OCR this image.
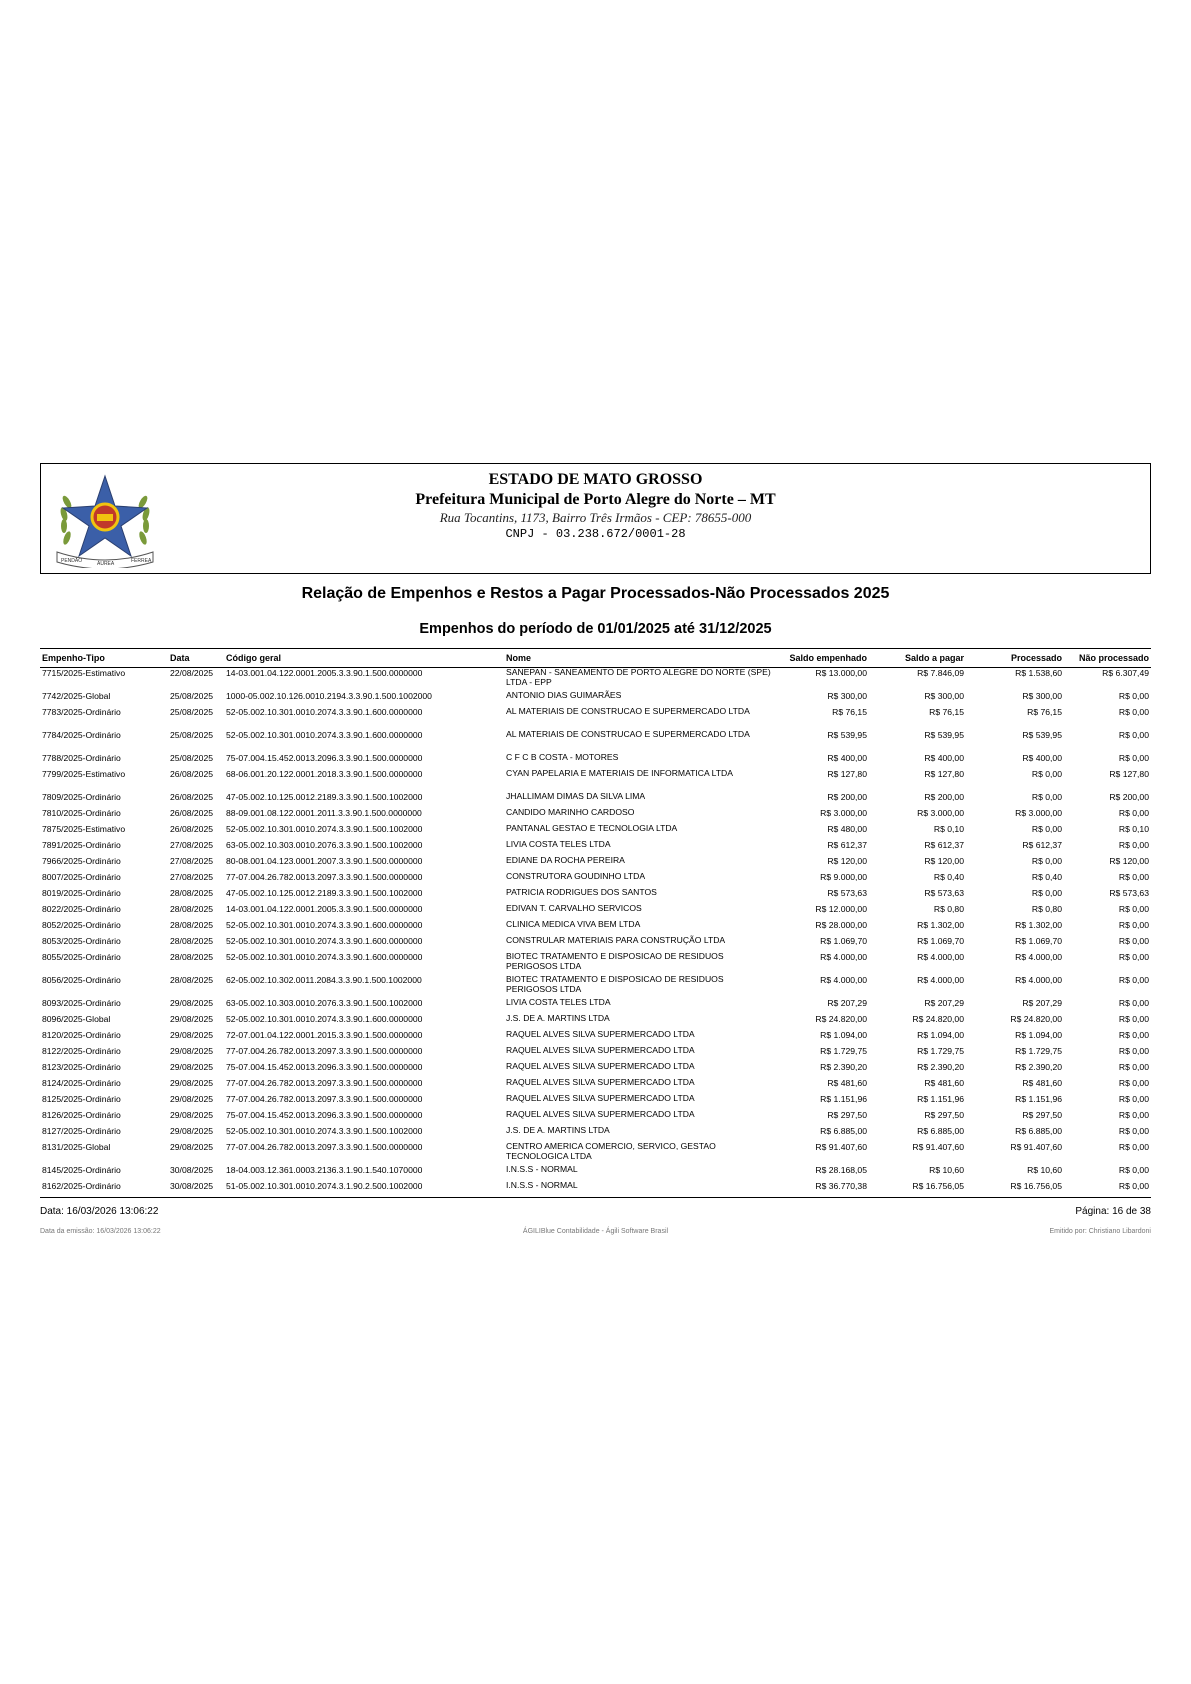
PENDÃO	ÁUREA	FERREA
ESTADO DE MATO GROSSO
Prefeitura Municipal de Porto Alegre do Norte – MT
Rua Tocantins, 1173, Bairro Três Irmãos - CEP: 78655-000
CNPJ - 03.238.672/0001-28
Relação de Empenhos e Restos a Pagar Processados-Não Processados 2025
Empenhos do período de 01/01/2025 até 31/12/2025
Empenho-Tipo	Data	Código geral	Nome	Saldo empenhado	Saldo a pagar	Processado	Não processado
7715/2025-Estimativo	22/08/2025	14-03.001.04.122.0001.2005.3.3.90.1.500.0000000	SANEPAN - SANEAMENTO DE PORTO ALEGRE DO NORTE (SPE) LTDA - EPP	R$ 13.000,00	R$ 7.846,09	R$ 1.538,60	R$ 6.307,49
7742/2025-Global	25/08/2025	1000-05.002.10.126.0010.2194.3.3.90.1.500.1002000	ANTONIO DIAS GUIMARÃES	R$ 300,00	R$ 300,00	R$ 300,00	R$ 0,00
7783/2025-Ordinário	25/08/2025	52-05.002.10.301.0010.2074.3.3.90.1.600.0000000	AL MATERIAIS DE CONSTRUCAO E SUPERMERCADO LTDA	R$ 76,15	R$ 76,15	R$ 76,15	R$ 0,00
7784/2025-Ordinário	25/08/2025	52-05.002.10.301.0010.2074.3.3.90.1.600.0000000	AL MATERIAIS DE CONSTRUCAO E SUPERMERCADO LTDA	R$ 539,95	R$ 539,95	R$ 539,95	R$ 0,00
7788/2025-Ordinário	25/08/2025	75-07.004.15.452.0013.2096.3.3.90.1.500.0000000	C F C B COSTA - MOTORES	R$ 400,00	R$ 400,00	R$ 400,00	R$ 0,00
7799/2025-Estimativo	26/08/2025	68-06.001.20.122.0001.2018.3.3.90.1.500.0000000	CYAN PAPELARIA E MATERIAIS DE INFORMATICA LTDA	R$ 127,80	R$ 127,80	R$ 0,00	R$ 127,80
7809/2025-Ordinário	26/08/2025	47-05.002.10.125.0012.2189.3.3.90.1.500.1002000	JHALLIMAM DIMAS DA SILVA LIMA	R$ 200,00	R$ 200,00	R$ 0,00	R$ 200,00
7810/2025-Ordinário	26/08/2025	88-09.001.08.122.0001.2011.3.3.90.1.500.0000000	CANDIDO MARINHO CARDOSO	R$ 3.000,00	R$ 3.000,00	R$ 3.000,00	R$ 0,00
7875/2025-Estimativo	26/08/2025	52-05.002.10.301.0010.2074.3.3.90.1.500.1002000	PANTANAL GESTAO E TECNOLOGIA LTDA	R$ 480,00	R$ 0,10	R$ 0,00	R$ 0,10
7891/2025-Ordinário	27/08/2025	63-05.002.10.303.0010.2076.3.3.90.1.500.1002000	LIVIA COSTA TELES LTDA	R$ 612,37	R$ 612,37	R$ 612,37	R$ 0,00
7966/2025-Ordinário	27/08/2025	80-08.001.04.123.0001.2007.3.3.90.1.500.0000000	EDIANE DA ROCHA PEREIRA	R$ 120,00	R$ 120,00	R$ 0,00	R$ 120,00
8007/2025-Ordinário	27/08/2025	77-07.004.26.782.0013.2097.3.3.90.1.500.0000000	CONSTRUTORA GOUDINHO LTDA	R$ 9.000,00	R$ 0,40	R$ 0,40	R$ 0,00
8019/2025-Ordinário	28/08/2025	47-05.002.10.125.0012.2189.3.3.90.1.500.1002000	PATRICIA RODRIGUES DOS SANTOS	R$ 573,63	R$ 573,63	R$ 0,00	R$ 573,63
8022/2025-Ordinário	28/08/2025	14-03.001.04.122.0001.2005.3.3.90.1.500.0000000	EDIVAN T. CARVALHO SERVICOS	R$ 12.000,00	R$ 0,80	R$ 0,80	R$ 0,00
8052/2025-Ordinário	28/08/2025	52-05.002.10.301.0010.2074.3.3.90.1.600.0000000	CLINICA MEDICA VIVA BEM LTDA	R$ 28.000,00	R$ 1.302,00	R$ 1.302,00	R$ 0,00
8053/2025-Ordinário	28/08/2025	52-05.002.10.301.0010.2074.3.3.90.1.600.0000000	CONSTRULAR MATERIAIS PARA CONSTRUÇÃO LTDA	R$ 1.069,70	R$ 1.069,70	R$ 1.069,70	R$ 0,00
8055/2025-Ordinário	28/08/2025	52-05.002.10.301.0010.2074.3.3.90.1.600.0000000	BIOTEC TRATAMENTO E DISPOSICAO DE RESIDUOS PERIGOSOS LTDA	R$ 4.000,00	R$ 4.000,00	R$ 4.000,00	R$ 0,00
8056/2025-Ordinário	28/08/2025	62-05.002.10.302.0011.2084.3.3.90.1.500.1002000	BIOTEC TRATAMENTO E DISPOSICAO DE RESIDUOS PERIGOSOS LTDA	R$ 4.000,00	R$ 4.000,00	R$ 4.000,00	R$ 0,00
8093/2025-Ordinário	29/08/2025	63-05.002.10.303.0010.2076.3.3.90.1.500.1002000	LIVIA COSTA TELES LTDA	R$ 207,29	R$ 207,29	R$ 207,29	R$ 0,00
8096/2025-Global	29/08/2025	52-05.002.10.301.0010.2074.3.3.90.1.600.0000000	J.S. DE A. MARTINS LTDA	R$ 24.820,00	R$ 24.820,00	R$ 24.820,00	R$ 0,00
8120/2025-Ordinário	29/08/2025	72-07.001.04.122.0001.2015.3.3.90.1.500.0000000	RAQUEL ALVES SILVA SUPERMERCADO LTDA	R$ 1.094,00	R$ 1.094,00	R$ 1.094,00	R$ 0,00
8122/2025-Ordinário	29/08/2025	77-07.004.26.782.0013.2097.3.3.90.1.500.0000000	RAQUEL ALVES SILVA SUPERMERCADO LTDA	R$ 1.729,75	R$ 1.729,75	R$ 1.729,75	R$ 0,00
8123/2025-Ordinário	29/08/2025	75-07.004.15.452.0013.2096.3.3.90.1.500.0000000	RAQUEL ALVES SILVA SUPERMERCADO LTDA	R$ 2.390,20	R$ 2.390,20	R$ 2.390,20	R$ 0,00
8124/2025-Ordinário	29/08/2025	77-07.004.26.782.0013.2097.3.3.90.1.500.0000000	RAQUEL ALVES SILVA SUPERMERCADO LTDA	R$ 481,60	R$ 481,60	R$ 481,60	R$ 0,00
8125/2025-Ordinário	29/08/2025	77-07.004.26.782.0013.2097.3.3.90.1.500.0000000	RAQUEL ALVES SILVA SUPERMERCADO LTDA	R$ 1.151,96	R$ 1.151,96	R$ 1.151,96	R$ 0,00
8126/2025-Ordinário	29/08/2025	75-07.004.15.452.0013.2096.3.3.90.1.500.0000000	RAQUEL ALVES SILVA SUPERMERCADO LTDA	R$ 297,50	R$ 297,50	R$ 297,50	R$ 0,00
8127/2025-Ordinário	29/08/2025	52-05.002.10.301.0010.2074.3.3.90.1.500.1002000	J.S. DE A. MARTINS LTDA	R$ 6.885,00	R$ 6.885,00	R$ 6.885,00	R$ 0,00
8131/2025-Global	29/08/2025	77-07.004.26.782.0013.2097.3.3.90.1.500.0000000	CENTRO AMERICA COMERCIO, SERVICO, GESTAO TECNOLOGICA LTDA	R$ 91.407,60	R$ 91.407,60	R$ 91.407,60	R$ 0,00
8145/2025-Ordinário	30/08/2025	18-04.003.12.361.0003.2136.3.1.90.1.540.1070000	I.N.S.S - NORMAL	R$ 28.168,05	R$ 10,60	R$ 10,60	R$ 0,00
8162/2025-Ordinário	30/08/2025	51-05.002.10.301.0010.2074.3.1.90.2.500.1002000	I.N.S.S - NORMAL	R$ 36.770,38	R$ 16.756,05	R$ 16.756,05	R$ 0,00
Data: 16/03/2026 13:06:22	Página: 16 de 38
Data da emissão: 16/03/2026 13:06:22	ÁGILIBlue Contabilidade - Ágili Software Brasil	Emitido por: Christiano Libardoni
